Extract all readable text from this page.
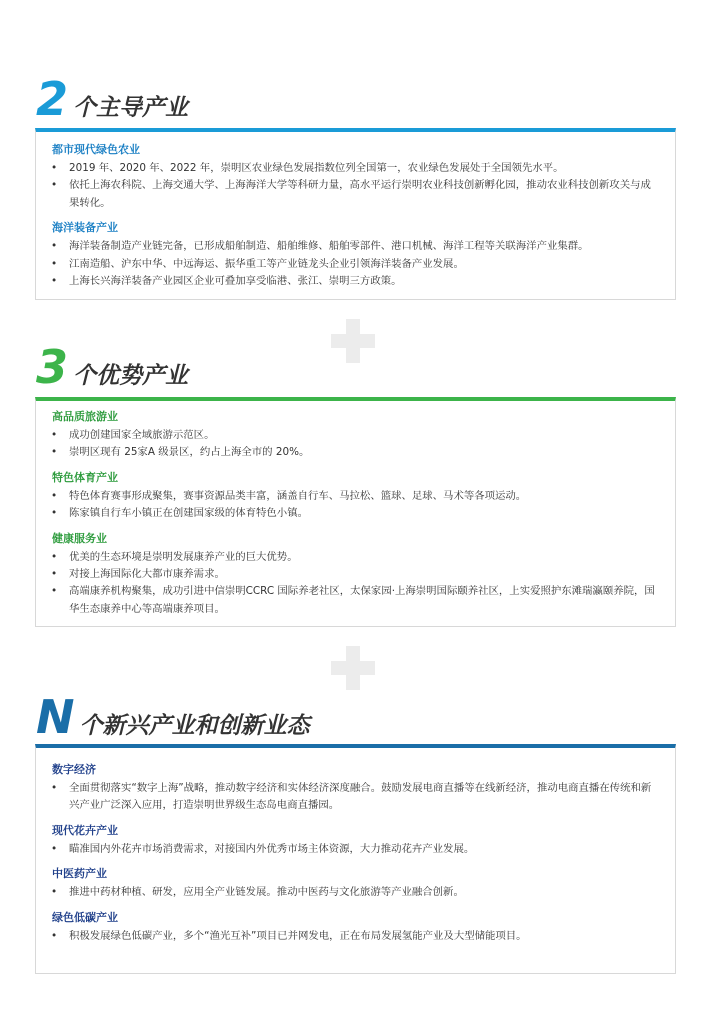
2 个主导产业
都市现代绿色农业
• 2019 年、2020 年、2022 年，崇明区农业绿色发展指数位列全国第一，农业绿色发展处于全国领先水平。
• 依托上海农科院、上海交通大学、上海海洋大学等科研力量，高水平运行崇明农业科技创新孵化园，推动农业科技创新攻关与成果转化。
海洋装备产业
• 海洋装备制造产业链完备，已形成船舶制造、船舶维修、船舶零部件、港口机械、海洋工程等关联海洋产业集群。
• 江南造船、沪东中华、中远海运、振华重工等产业链龙头企业引领海洋装备产业发展。
• 上海长兴海洋装备产业园区企业可叠加享受临港、张江、崇明三方政策。
3 个优势产业
高品质旅游业
• 成功创建国家全域旅游示范区。
• 崇明区现有 25家A 级景区，约占上海全市的 20%。
特色体育产业
• 特色体育赛事形成聚集，赛事资源品类丰富，涵盖自行车、马拉松、篮球、足球、马术等各项运动。
• 陈家镇自行车小镇正在创建国家级的体育特色小镇。
健康服务业
• 优美的生态环境是崇明发展康养产业的巨大优势。
• 对接上海国际化大都市康养需求。
• 高端康养机构聚集，成功引进中信崇明CCRC 国际养老社区，太保家园·上海崇明国际颐养社区，上实爱照护东滩瑞瀛颐养院，国华生态康养中心等高端康养项目。
N 个新兴产业和创新业态
数字经济
• 全面贯彻落实“数字上海”战略，推动数字经济和实体经济深度融合。鼓励发展电商直播等在线新经济，推动电商直播在传统和新兴产业广泛深入应用，打造崇明世界级生态岛电商直播园。
现代花卉产业
• 瞄准国内外花卉市场消费需求，对接国内外优秀市场主体资源，大力推动花卉产业发展。
中医药产业
• 推进中药材种植、研发，应用全产业链发展。推动中医药与文化旅游等产业融合创新。
绿色低碳产业
• 积极发展绿色低碳产业，多个“渔光互补”项目已并网发电，正在布局发展氢能产业及大型储能项目。
